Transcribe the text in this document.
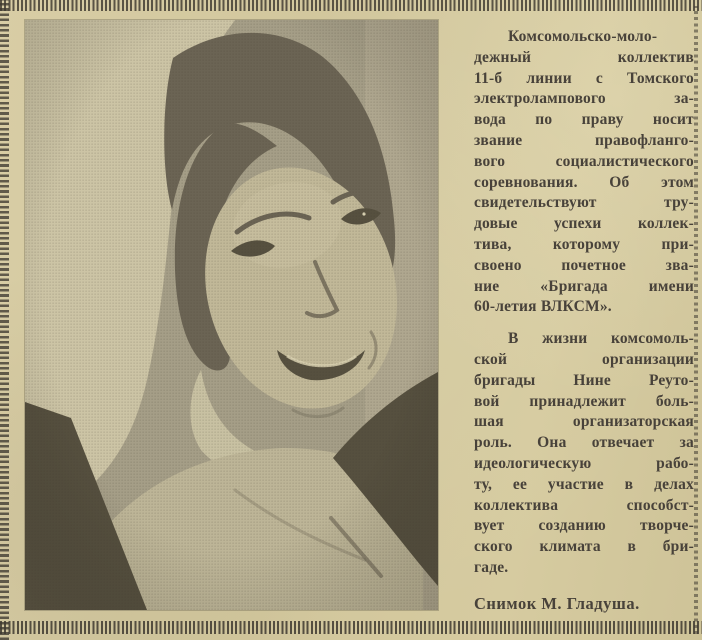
Комсомольско-моло-
дежный коллектив
11-б линии с Томского
электролампового за-
вода по праву носит
звание правофланго-
вого социалистического
соревнования. Об этом
свидетельствуют тру-
довые успехи коллек-
тива, которому при-
своено почетное зва-
ние «Бригада имени
60-летия ВЛКСМ».
В жизни комсомоль-
ской организации
бригады Нине Реуто-
вой принадлежит боль-
шая организаторская
роль. Она отвечает за
идеологическую рабо-
ту, ее участие в делах
коллектива способст-
вует созданию творче-
ского климата в бри-
гаде.
Снимок М. Гладуша.
